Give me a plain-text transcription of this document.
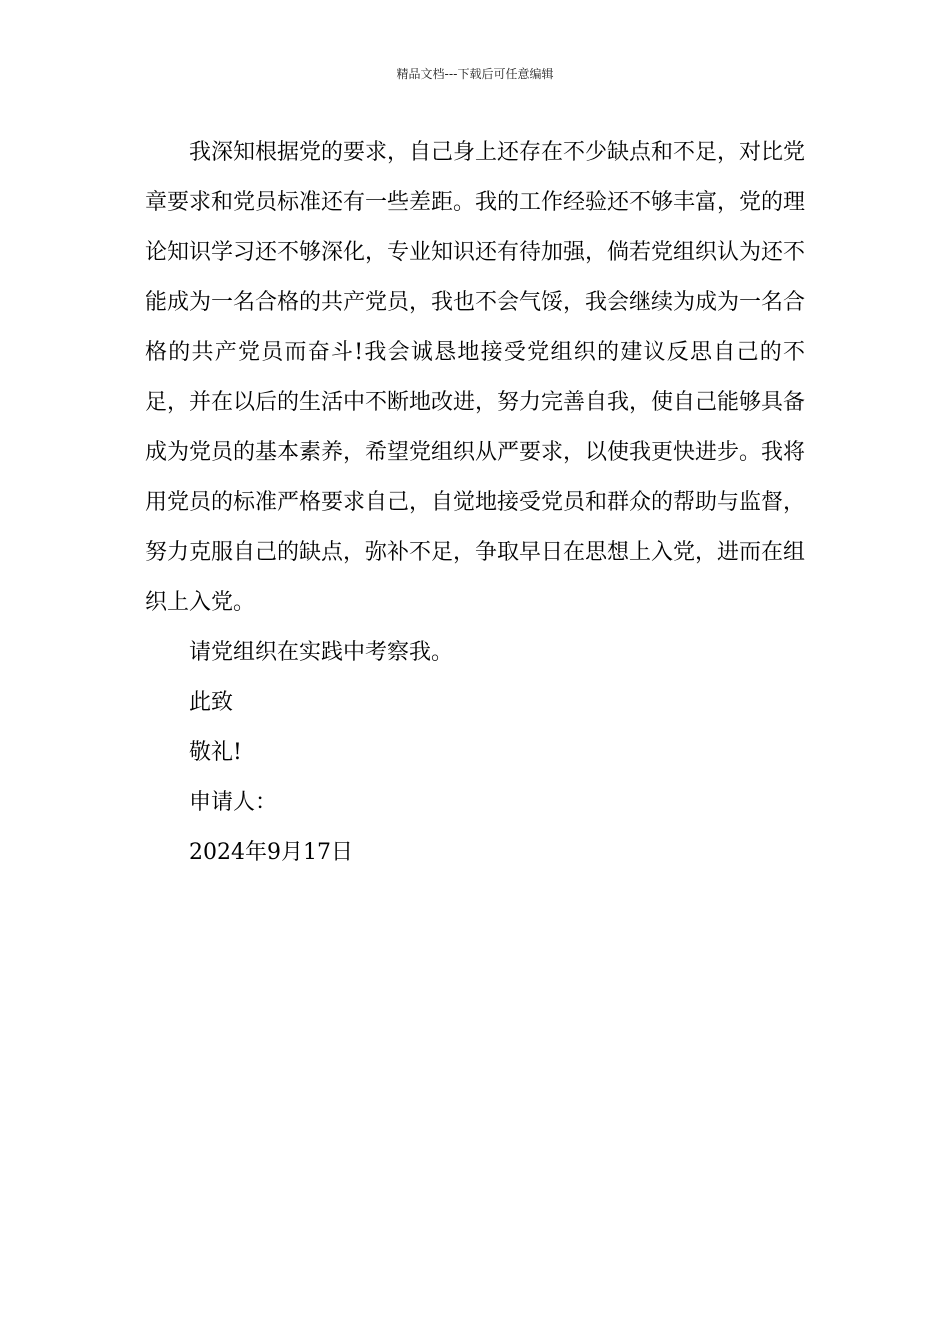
精品文档---下载后可任意编辑

我深知根据党的要求，自己身上还存在不少缺点和不足，对比党章要求和党员标准还有一些差距。我的工作经验还不够丰富，党的理论知识学习还不够深化，专业知识还有待加强，倘若党组织认为还不能成为一名合格的共产党员，我也不会气馁，我会继续为成为一名合格的共产党员而奋斗!我会诚恳地接受党组织的建议反思自己的不足，并在以后的生活中不断地改进，努力完善自我，使自己能够具备成为党员的基本素养，希望党组织从严要求，以使我更快进步。我将用党员的标准严格要求自己，自觉地接受党员和群众的帮助与监督，努力克服自己的缺点，弥补不足，争取早日在思想上入党，进而在组织上入党。

请党组织在实践中考察我。

此致

敬礼!

申请人：

2024年9月17日
